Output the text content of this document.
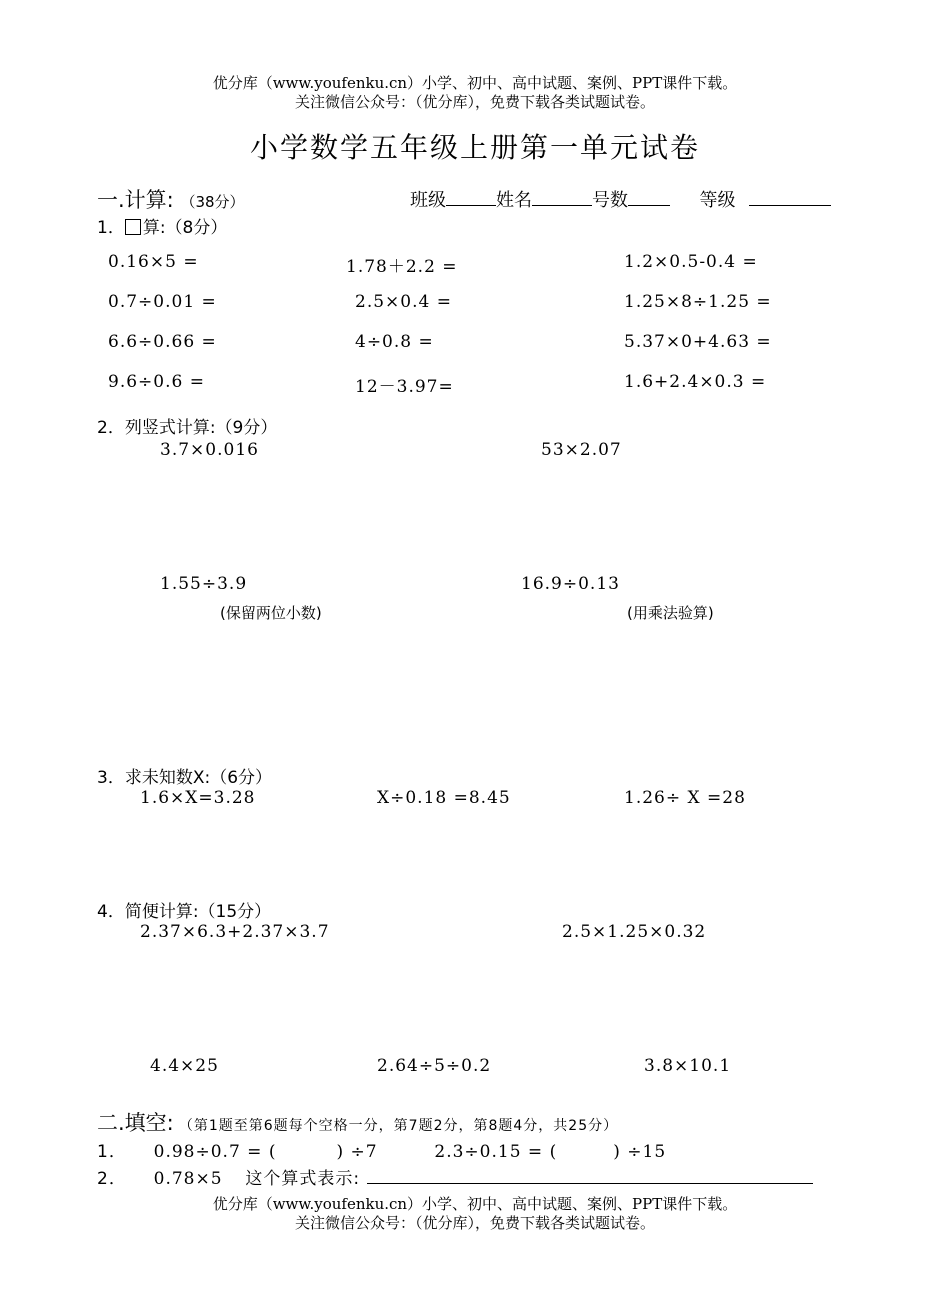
优分库（www.youfenku.cn）小学、初中、高中试题、案例、PPT课件下载。
关注微信公众号：（优分库），免费下载各类试题试卷。
小学数学五年级上册第一单元试卷
一.计算: （38分）	班级	姓名	号数	等级
1． 算:（8分）
0.16×5 =	1.78＋2.2 =	1.2×0.5-0.4 =
0.7÷0.01 =	2.5×0.4 =	1.25×8÷1.25 =
6.6÷0.66 =	4÷0.8 =	5.37×0+4.63 =
9.6÷0.6 =	12－3.97=	1.6+2.4×0.3 =
2．列竖式计算:（9分）
3.7×0.016	53×2.07
1.55÷3.9	16.9÷0.13
(保留两位小数)	(用乘法验算)
3．求未知数X:（6分）
1.6×X=3.28	X÷0.18 =8.45	1.26÷ X =28
4．简便计算:（15分）
2.37×6.3+2.37×3.7	2.5×1.25×0.32
4.4×25	2.64÷5÷0.2	3.8×10.1
二.填空: （第1题至第6题每个空格一分，第7题2分，第8题4分，共25分）
1． 0.98÷0.7 = (	) ÷7	2.3÷0.15 = (	) ÷15
2． 0.78×5 这个算式表示:
优分库（www.youfenku.cn）小学、初中、高中试题、案例、PPT课件下载。
关注微信公众号：（优分库），免费下载各类试题试卷。
